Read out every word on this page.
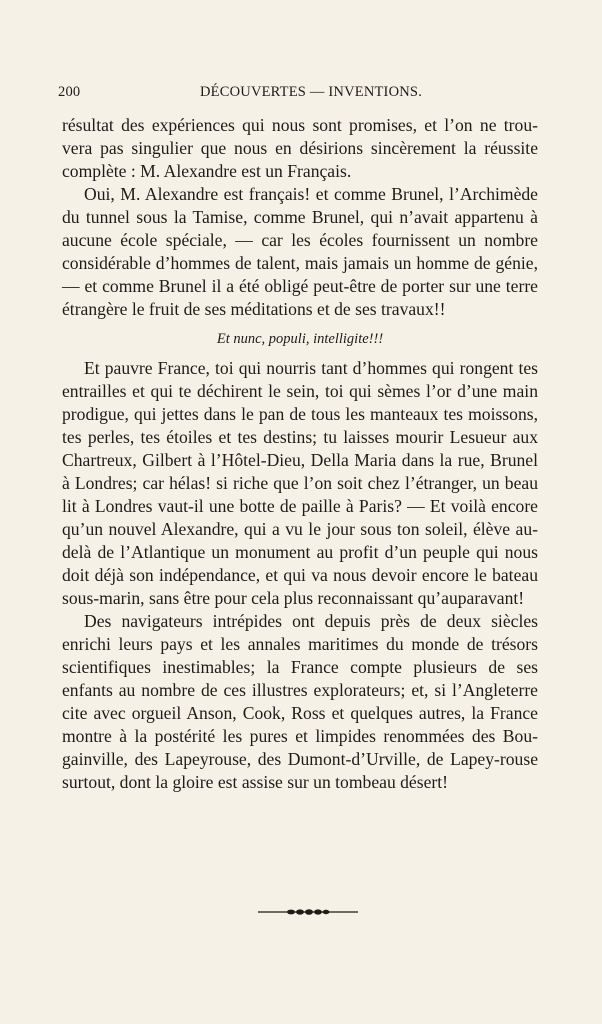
200	DÉCOUVERTES — INVENTIONS.

résultat des expériences qui nous sont promises, et l’on ne trou-vera pas singulier que nous en désirions sincèrement la réussite complète : M. Alexandre est un Français.

Oui, M. Alexandre est français! et comme Brunel, l’Archimède du tunnel sous la Tamise, comme Brunel, qui n’avait appartenu à aucune école spéciale, — car les écoles fournissent un nombre considérable d’hommes de talent, mais jamais un homme de génie, — et comme Brunel il a été obligé peut-être de porter sur une terre étrangère le fruit de ses méditations et de ses travaux!!

Et nunc, populi, intelligite!!!

Et pauvre France, toi qui nourris tant d’hommes qui rongent tes entrailles et qui te déchirent le sein, toi qui sèmes l’or d’une main prodigue, qui jettes dans le pan de tous les manteaux tes moissons, tes perles, tes étoiles et tes destins; tu laisses mourir Lesueur aux Chartreux, Gilbert à l’Hôtel-Dieu, Della Maria dans la rue, Brunel à Londres; car hélas! si riche que l’on soit chez l’étranger, un beau lit à Londres vaut-il une botte de paille à Paris? — Et voilà encore qu’un nouvel Alexandre, qui a vu le jour sous ton soleil, élève au-delà de l’Atlantique un monument au profit d’un peuple qui nous doit déjà son indépendance, et qui va nous devoir encore le bateau sous-marin, sans être pour cela plus reconnaissant qu’auparavant!

Des navigateurs intrépides ont depuis près de deux siècles enrichi leurs pays et les annales maritimes du monde de trésors scientifiques inestimables; la France compte plusieurs de ses enfants au nombre de ces illustres explorateurs; et, si l’Angleterre cite avec orgueil Anson, Cook, Ross et quelques autres, la France montre à la postérité les pures et limpides renommées des Bou-gainville, des Lapeyrouse, des Dumont-d’Urville, de Lapey-rouse surtout, dont la gloire est assise sur un tombeau désert!
